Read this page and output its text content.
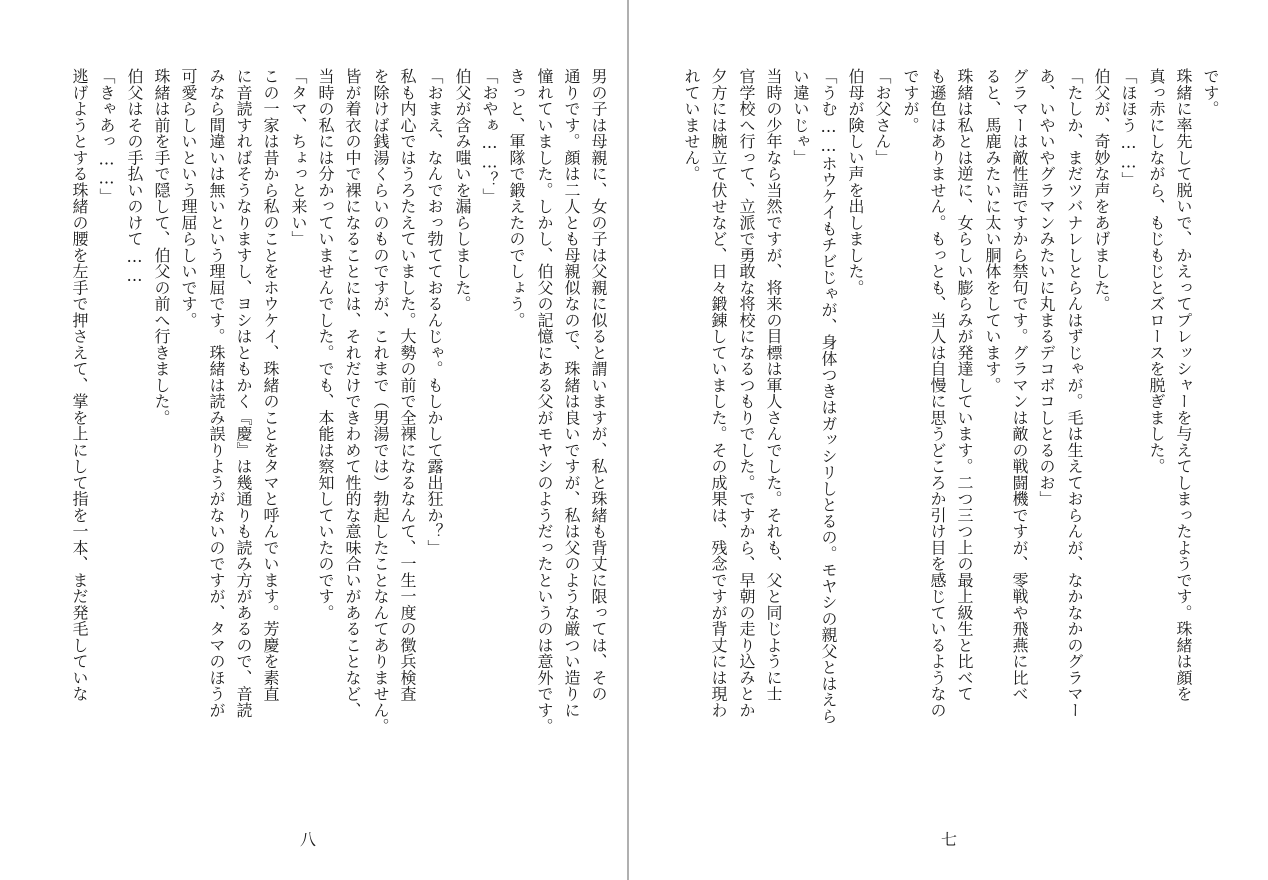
男の子は母親に、女の子は父親に似ると謂いますが、私と珠緒も背丈に限っては、その
通りです。顔は二人とも母親似なので、珠緒は良いですが、私は父のような厳つい造りに
憧れていました。しかし、伯父の記憶にある父がモヤシのようだったというのは意外です。
きっと、軍隊で鍛えたのでしょう。
「おやぁ……？」
伯父が含み嗤いを漏らしました。
「おまえ、なんでおっ勃てておるんじゃ。もしかして露出狂か？」
私も内心ではうろたえていました。大勢の前で全裸になるなんて、一生一度の徴兵検査
を除けば銭湯くらいのものですが、これまで（男湯では）勃起したことなんてありません。
皆が着衣の中で裸になることには、それだけできわめて性的な意味合いがあることなど、
当時の私には分かっていませんでした。でも、本能は察知していたのです。
「タマ、ちょっと来い」
この一家は昔から私のことをホウケイ、珠緒のことをタマと呼んでいます。芳慶を素直
に音読すればそうなりますし、ヨシはともかく『慶』は幾通りも読み方があるので、音読
みなら間違いは無いという理屈です。珠緒は読み誤りようがないのですが、タマのほうが
可愛らしいという理屈らしいです。
珠緒は前を手で隠して、伯父の前へ行きました。
伯父はその手払いのけて……
「きゃあっ……」
逃げようとする珠緒の腰を左手で押さえて、掌を上にして指を一本、まだ発毛していな
八
です。
珠緒に率先して脱いで、かえってプレッシャーを与えてしまったようです。珠緒は顔を
真っ赤にしながら、もじもじとズロースを脱ぎました。
「ほほう……」
伯父が、奇妙な声をあげました。
「たしか、まだツバナレしとらんはずじゃが。毛は生えておらんが、なかなかのグラマー
あ、いやいやグラマンみたいに丸まるデコボコしとるのお」
グラマーは敵性語ですから禁句です。グラマンは敵の戦闘機ですが、零戦や飛燕に比べ
ると、馬鹿みたいに太い胴体をしています。
珠緒は私とは逆に、女らしい膨らみが発達しています。二つ三つ上の最上級生と比べて
も遜色はありません。もっとも、当人は自慢に思うどころか引け目を感じているようなの
ですが。
「お父さん」
伯母が険しい声を出しました。
「うむ……ホウケイもチビじゃが、身体つきはガッシリしとるの。モヤシの親父とはえら
い違いじゃ」
当時の少年なら当然ですが、将来の目標は軍人さんでした。それも、父と同じように士
官学校へ行って、立派で勇敢な将校になるつもりでした。ですから、早朝の走り込みとか
夕方には腕立て伏せなど、日々鍛錬していました。その成果は、残念ですが背丈には現わ
れていません。
七
